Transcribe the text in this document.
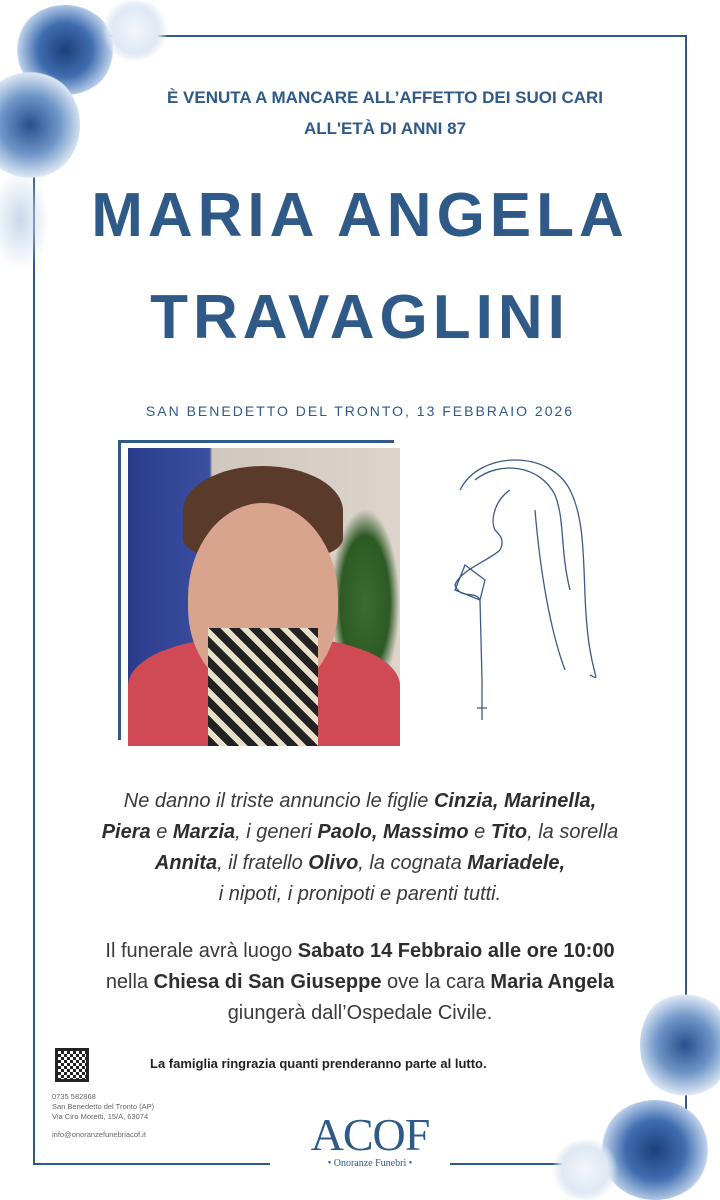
È VENUTA A MANCARE ALL’AFFETTO DEI SUOI CARI
ALL'ETÀ DI ANNI 87
MARIA ANGELA
TRAVAGLINI
SAN BENEDETTO DEL TRONTO, 13 FEBBRAIO 2026
Ne danno il triste annuncio le figlie Cinzia, Marinella,
Piera e Marzia, i generi Paolo, Massimo e Tito, la sorella
Annita, il fratello Olivo, la cognata Mariadele,
i nipoti, i pronipoti e parenti tutti.
Il funerale avrà luogo Sabato 14 Febbraio alle ore 10:00
nella Chiesa di San Giuseppe ove la cara Maria Angela
giungerà dall’Ospedale Civile.
La famiglia ringrazia quanti prenderanno parte al lutto.
0735 582868
San Benedetto del Tronto (AP)
Via Ciro Moretti, 15/A, 63074
info@onoranzefunebriacof.it	ACOF
• Onoranze Funebri •
